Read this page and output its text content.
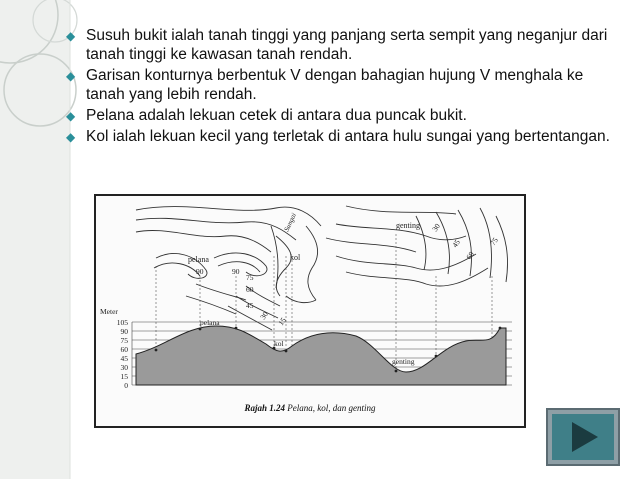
◆ Susuh bukit ialah tanah tinggi yang panjang serta sempit yang neganjur dari tanah tinggi ke kawasan tanah rendah.
◆ Garisan konturnya berbentuk V dengan bahagian hujung V menghala ke tanah yang lebih rendah.
◆ Pelana adalah lekuan cetek di antara dua puncak bukit.
◆ Kol ialah lekuan kecil yang terletak di antara hulu sungai yang bertentangan.
pelana	kol
genting
Sungai
90	90
75
60
45
30
15
30
45
60
75
Meter
105
90
75
60
45
30
15
0
pelana
kol
genting
Rajah 1.24 Pelana, kol, dan genting
